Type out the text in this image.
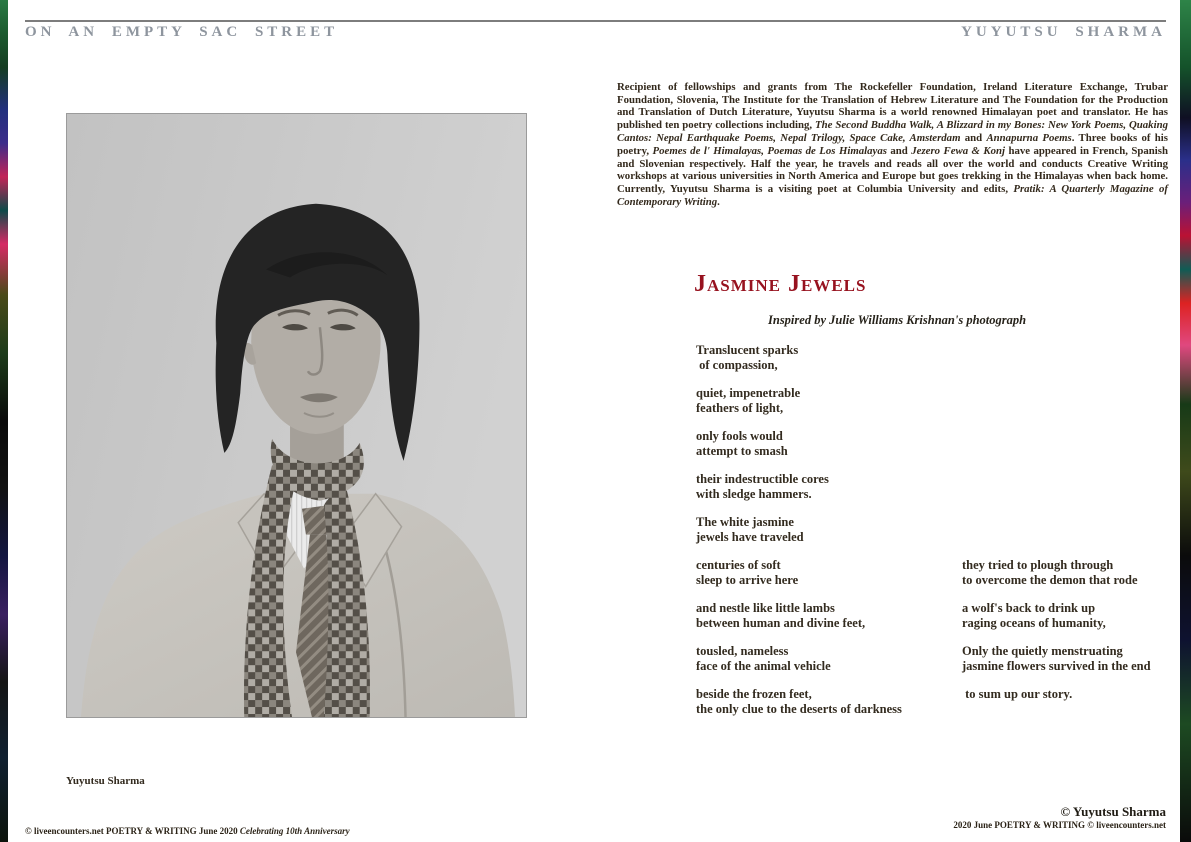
ON AN EMPTY SAC STREET	YUYUTSU SHARMA
Yuyutsu Sharma

Recipient of fellowships and grants from The Rockefeller Foundation, Ireland Literature Exchange, Trubar Foundation, Slovenia, The Institute for the Translation of Hebrew Literature and The Foundation for the Production and Translation of Dutch Literature, Yuyutsu Sharma is a world renowned Himalayan poet and translator. He has published ten poetry collections including, The Second Buddha Walk, A Blizzard in my Bones: New York Poems, Quaking Cantos: Nepal Earthquake Poems, Nepal Trilogy, Space Cake, Amsterdam and Annapurna Poems. Three books of his poetry, Poemes de l' Himalayas, Poemas de Los Himalayas and Jezero Fewa & Konj have appeared in French, Spanish and Slovenian respectively. Half the year, he travels and reads all over the world and conducts Creative Writing workshops at various universities in North America and Europe but goes trekking in the Himalayas when back home. Currently, Yuyutsu Sharma is a visiting poet at Columbia University and edits, Pratik: A Quarterly Magazine of Contemporary Writing.

Jasmine Jewels
Inspired by Julie Williams Krishnan's photograph
Translucent sparks
of compassion,
quiet, impenetrable
feathers of light,
only fools would
attempt to smash
their indestructible cores
with sledge hammers.
The white jasmine
jewels have traveled
centuries of soft
sleep to arrive here
and nestle like little lambs
between human and divine feet,
tousled, nameless
face of the animal vehicle
beside the frozen feet,
the only clue to the deserts of darkness
they tried to plough through
to overcome the demon that rode
a wolf's back to drink up
raging oceans of humanity,
Only the quietly menstruating
jasmine flowers survived in the end
to sum up our story.
© liveencounters.net POETRY & WRITING June 2020 Celebrating 10th Anniversary
© Yuyutsu Sharma
2020 June POETRY & WRITING © liveencounters.net
